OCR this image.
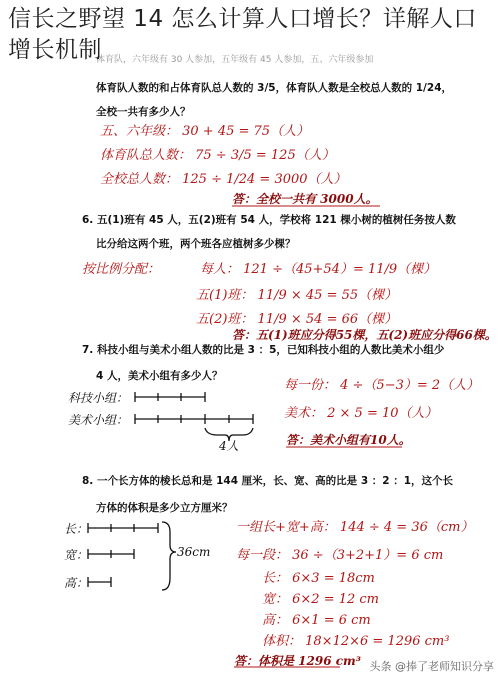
信长之野望 14 怎么计算人口增长？详解人口增长机制
体育队，六年级有 30 人参加，五年级有 45 人参加，五、六年级参加
体育队人数的和占体育队总人数的 3/5，体育队人数是全校总人数的 1/24，
全校一共有多少人？
五、六年级： 30 + 45 = 75（人）
体育队总人数： 75 ÷ 3/5 = 125（人）
全校总人数： 125 ÷ 1/24 = 3000（人）
答：全校一共有 3000人。
6. 五(1)班有 45 人，五(2)班有 54 人，学校将 121 棵小树的植树任务按人数
比分给这两个班，两个班各应植树多少棵？
按比例分配：	每人： 121 ÷（45+54）= 11/9（棵）
五(1)班： 11/9 × 45 = 55（棵）
五(2)班： 11/9 × 54 = 66（棵）
答：五(1)班应分得55棵，五(2)班应分得66棵。
7. 科技小组与美术小组人数的比是 3 ：5，已知科技小组的人数比美术小组少
4 人，美术小组有多少人？
科技小组：
美术小组：
4人
每一份： 4 ÷（5−3）= 2（人）
美术： 2 × 5 = 10（人）
答：美术小组有10人。
8. 一个长方体的棱长总和是 144 厘米，长、宽、高的比是 3 ：2 ：1，这个长
方体的体积是多少立方厘米？
长：
宽：
高：
36cm
一组长+宽+高： 144 ÷ 4 = 36（cm）
每一段： 36 ÷（3+2+1）= 6 cm
长： 6×3 = 18cm
宽： 6×2 = 12 cm
高： 6×1 = 6 cm
体积： 18×12×6 = 1296 cm³
答：体积是 1296 cm³ 头条 @捧了老师知识分享
